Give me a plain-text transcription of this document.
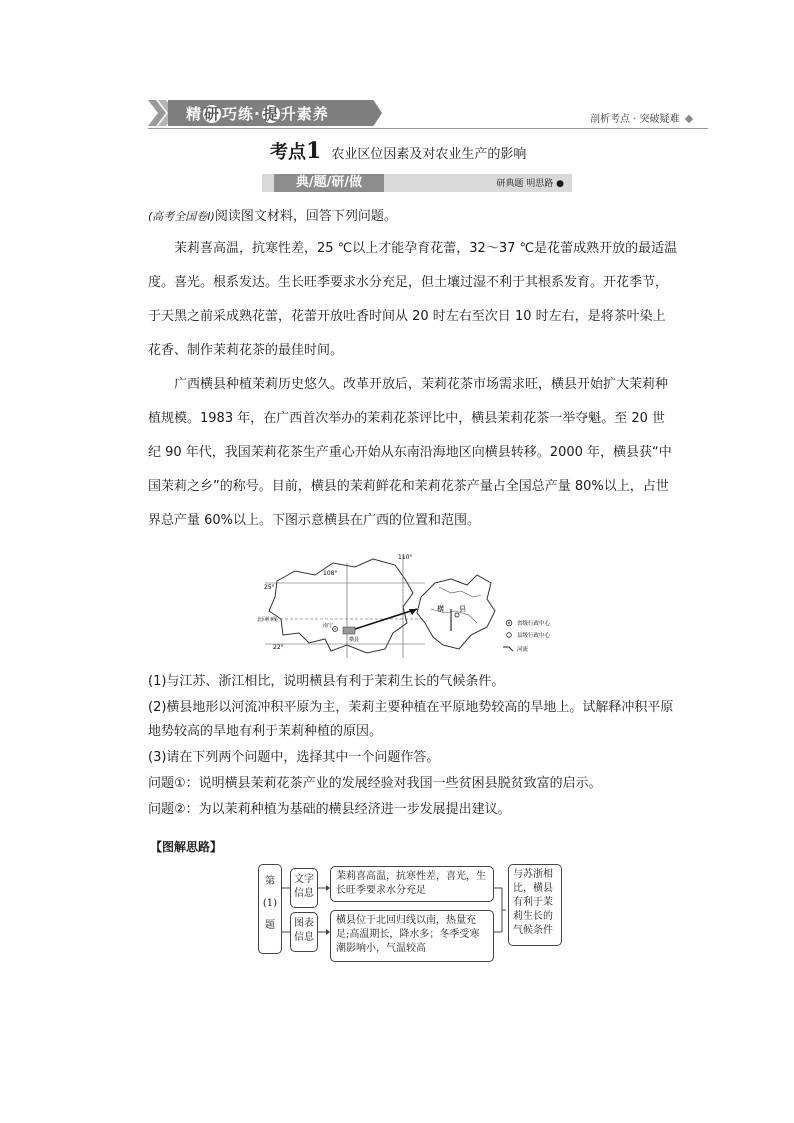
精 研 巧练· 提 升素养	剖析考点 · 突破疑难
考点1 农业区位因素及对农业生产的影响
典/题/研/做	研典题 明思路 ●
(高考全国卷Ⅰ)阅读图文材料，回答下列问题。
茉莉喜高温，抗寒性差，25 ℃以上才能孕育花蕾，32～37 ℃是花蕾成熟开放的最适温度。喜光。根系发达。生长旺季要求水分充足，但土壤过湿不利于其根系发育。开花季节，于天黑之前采成熟花蕾，花蕾开放吐香时间从 20 时左右至次日 10 时左右，是将茶叶染上花香、制作茉莉花茶的最佳时间。
广西横县种植茉莉历史悠久。改革开放后，茉莉花茶市场需求旺，横县开始扩大茉莉种植规模。1983 年，在广西首次举办的茉莉花茶评比中，横县茉莉花茶一举夺魁。至 20 世纪 90 年代，我国茉莉花茶生产重心开始从东南沿海地区向横县转移。2000 年，横县获“中国茉莉之乡”的称号。目前，横县的茉莉鲜花和茉莉花茶产量占全国总产量 80%以上，占世界总产量 60%以上。下图示意横县在广西的位置和范围。
110°
108°
25°
22°
北回归线
南宁
横县
横 县
省级行政中心
县级行政中心
河流
(1)与江苏、浙江相比，说明横县有利于茉莉生长的气候条件。
(2)横县地形以河流冲积平原为主，茉莉主要种植在平原地势较高的旱地上。试解释冲积平原地势较高的旱地有利于茉莉种植的原因。
(3)请在下列两个问题中，选择其中一个问题作答。
问题①：说明横县茉莉花茶产业的发展经验对我国一些贫困县脱贫致富的启示。
问题②：为以茉莉种植为基础的横县经济进一步发展提出建议。
【图解思路】
第
(1)
题
文字信息
图表信息
茉莉喜高温，抗寒性差，喜光，生长旺季要求水分充足
横县位于北回归线以南，热量充足;高温期长，降水多；冬季受寒潮影响小，气温较高
与苏浙相比，横县有利于茉莉生长的气候条件
